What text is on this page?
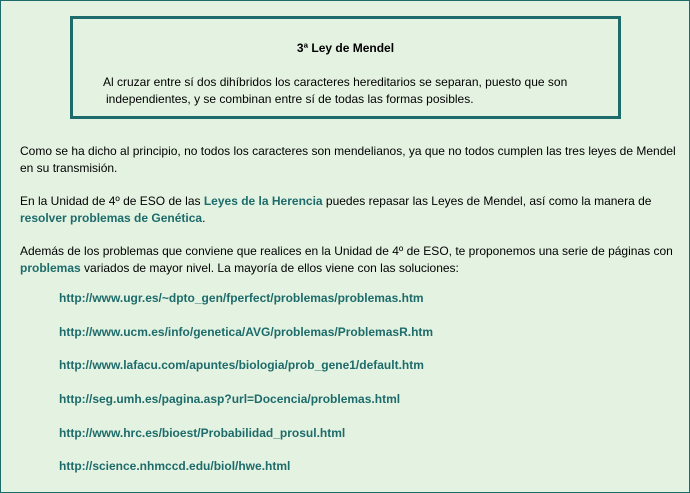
3ª Ley de Mendel
Al cruzar entre sí dos dihíbridos los caracteres hereditarios se separan, puesto que son
independientes, y se combinan entre sí de todas las formas posibles.
Como se ha dicho al principio, no todos los caracteres son mendelianos, ya que no todos cumplen las tres leyes de Mendel en su transmisión.
En la Unidad de 4º de ESO de las Leyes de la Herencia puedes repasar las Leyes de Mendel, así como la manera de resolver problemas de Genética.
Además de los problemas que conviene que realices en la Unidad de 4º de ESO, te proponemos una serie de páginas con problemas variados de mayor nivel. La mayoría de ellos viene con las soluciones:
http://www.ugr.es/~dpto_gen/fperfect/problemas/problemas.htm
http://www.ucm.es/info/genetica/AVG/problemas/ProblemasR.htm
http://www.lafacu.com/apuntes/biologia/prob_gene1/default.htm
http://seg.umh.es/pagina.asp?url=Docencia/problemas.html
http://www.hrc.es/bioest/Probabilidad_prosul.html
http://science.nhmccd.edu/biol/hwe.html
